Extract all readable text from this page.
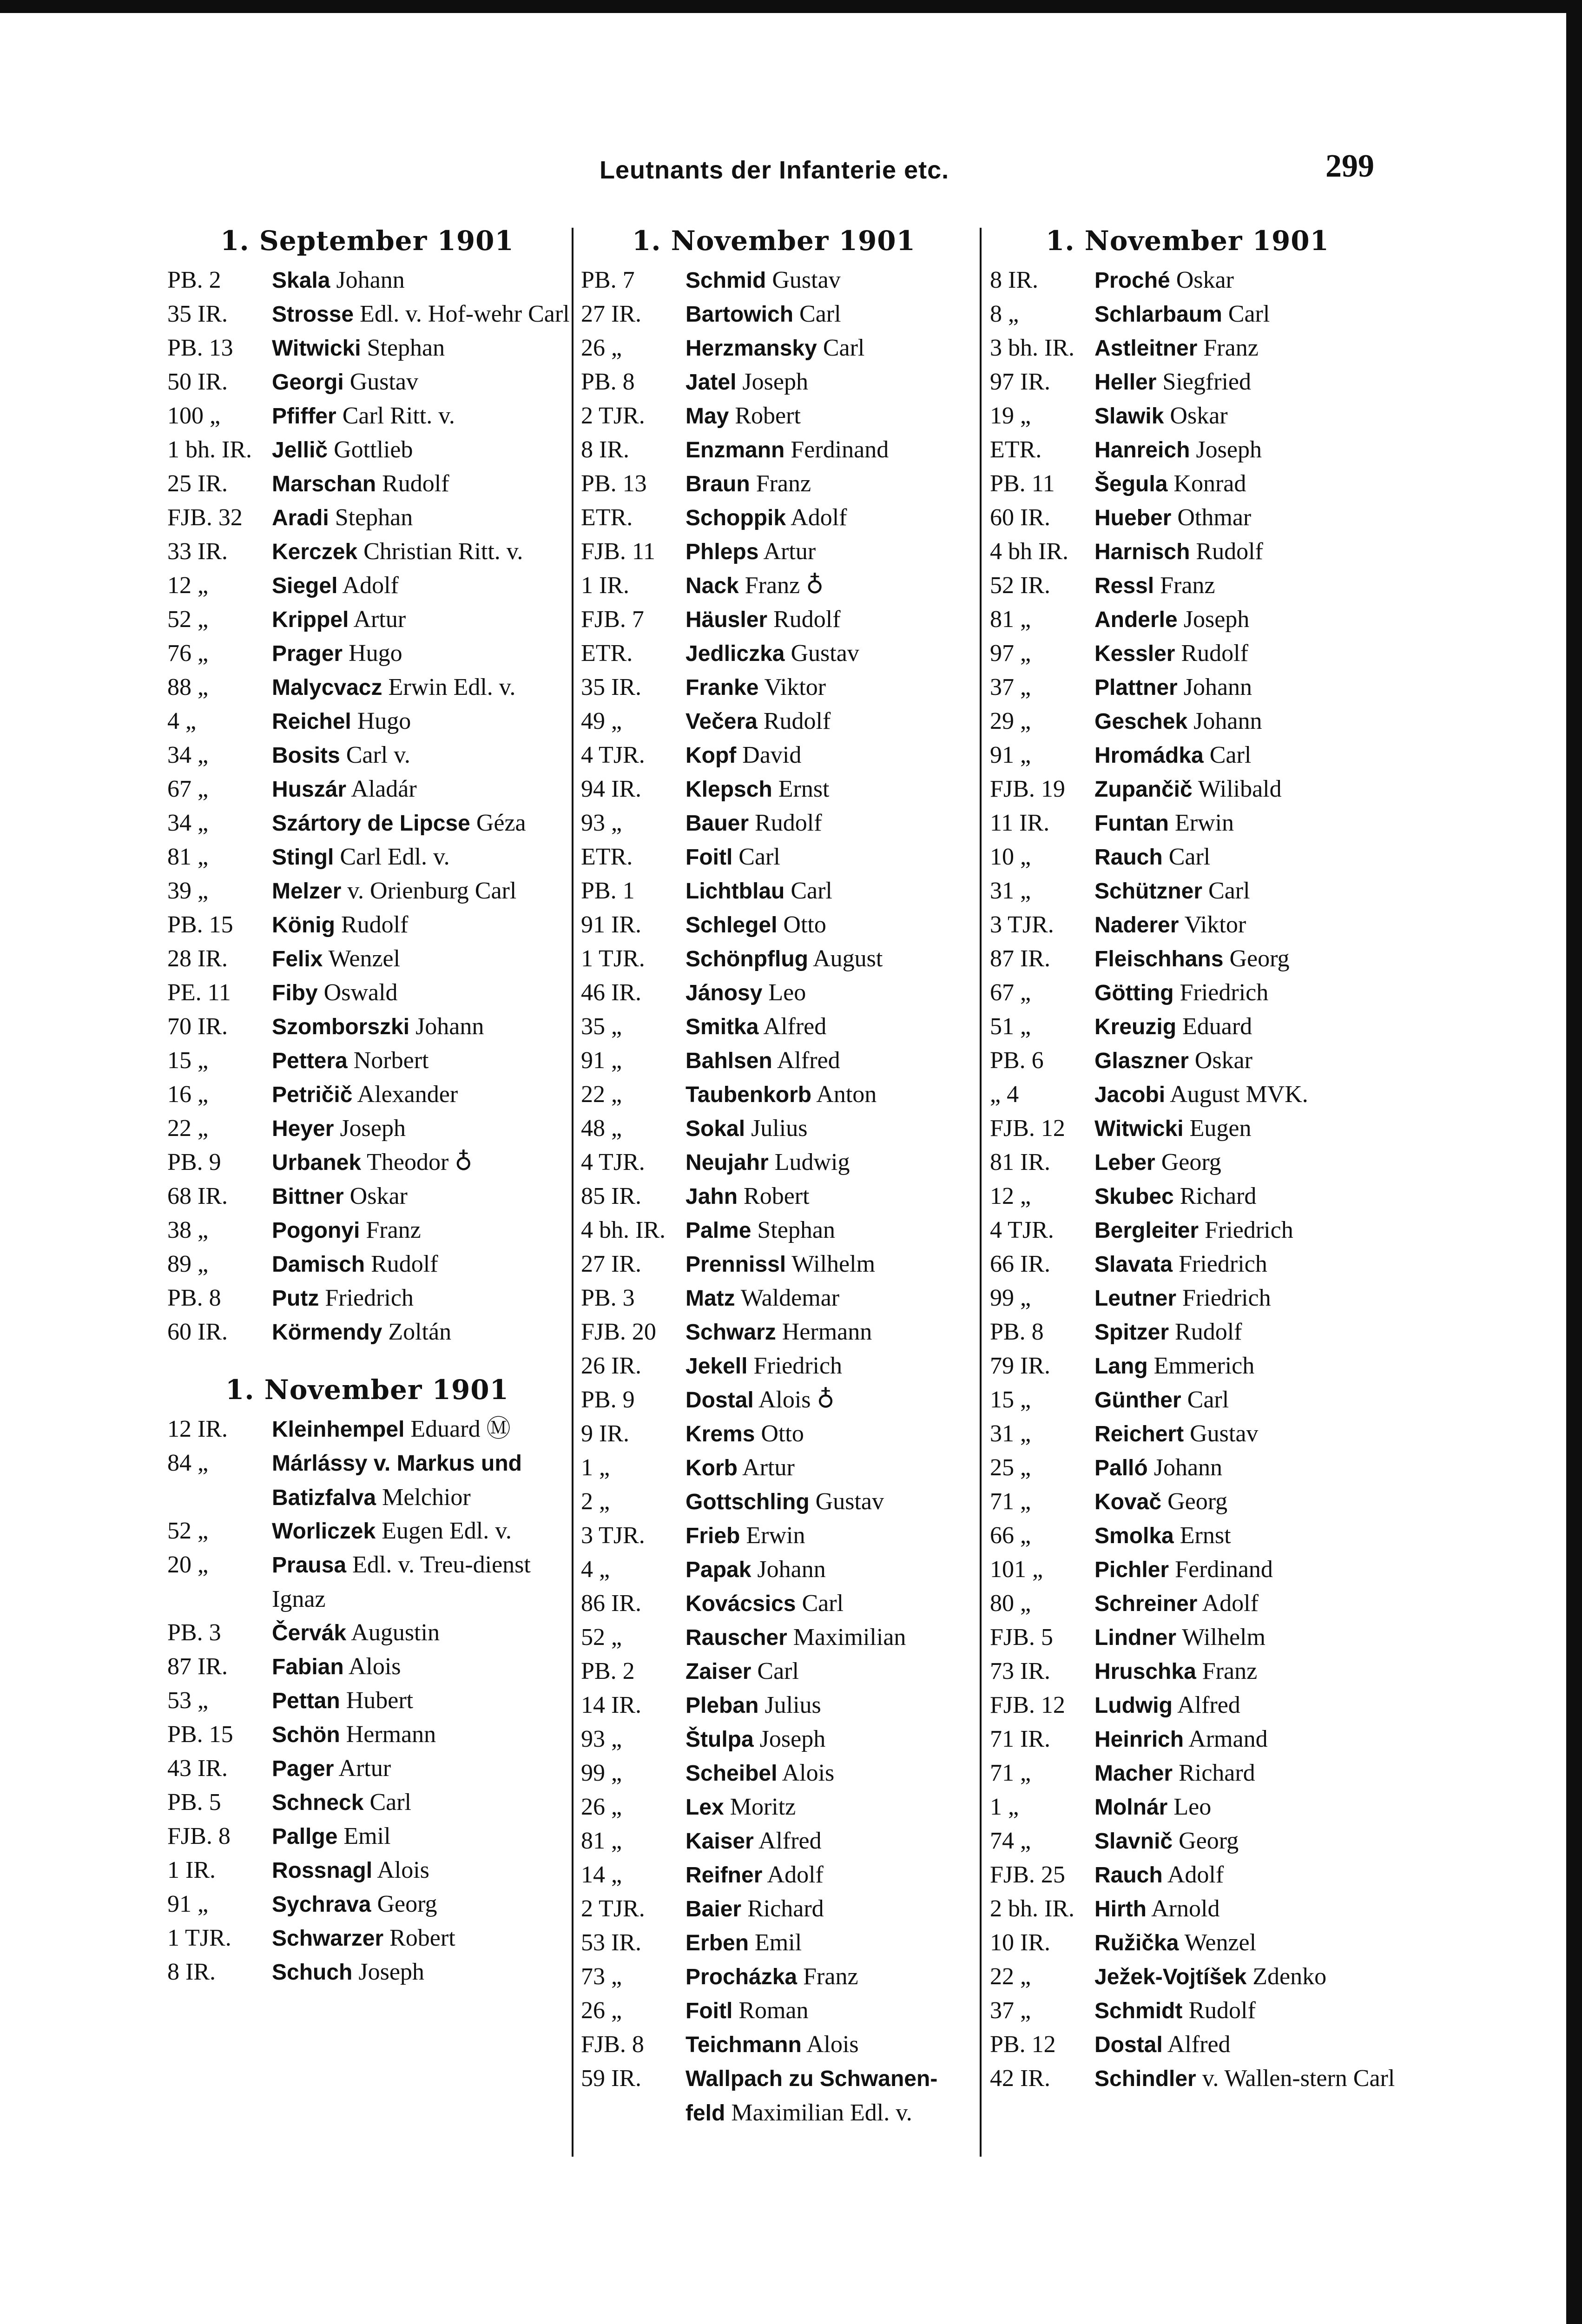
Leutnants der Infanterie etc.	299
1. September 1901
PB. 2	Skala Johann
35 IR.	Strosse Edl. v. Hof-wehr Carl
PB. 13	Witwicki Stephan
50 IR.	Georgi Gustav
100 „	Pfiffer Carl Ritt. v.
1 bh. IR. Jellič Gottlieb
25 IR.	Marschan Rudolf
FJB. 32	Aradi Stephan
33 IR.	Kerczek Christian Ritt. v.
12 „	Siegel Adolf
52 „	Krippel Artur
76 „	Prager Hugo
88 „	Malycvacz Erwin Edl. v.
4 „	Reichel Hugo
34 „	Bosits Carl v.
67 „	Huszár Aladár
34 „	Szártory de Lipcse Géza
81 „	Stingl Carl Edl. v.
39 „	Melzer v. Orienburg Carl
PB. 15	König Rudolf
28 IR.	Felix Wenzel
PE. 11	Fiby Oswald
70 IR.	Szomborszki Johann
15 „	Pettera Norbert
16 „	Petričič Alexander
22 „	Heyer Joseph
PB. 9	Urbanek Theodor ♁
68 IR.	Bittner Oskar
38 „	Pogonyi Franz
89 „	Damisch Rudolf
PB. 8	Putz Friedrich
60 IR.	Körmendy Zoltán
1. November 1901
12 IR.	Kleinhempel Eduard Ⓜ
84 „	Márlássy v. Markus und Batizfalva Melchior
52 „	Worliczek Eugen Edl. v.
20 „	Prausa Edl. v. Treu-dienst Ignaz
PB. 3	Červák Augustin
87 IR.	Fabian Alois
53 „	Pettan Hubert
PB. 15	Schön Hermann
43 IR.	Pager Artur
PB. 5	Schneck Carl
FJB. 8	Pallge Emil
1 IR.	Rossnagl Alois
91 „	Sychrava Georg
1 TJR.	Schwarzer Robert
8 IR.	Schuch Joseph
1. November 1901
PB. 7	Schmid Gustav
27 IR.	Bartowich Carl
26 „	Herzmansky Carl
PB. 8	Jatel Joseph
2 TJR.	May Robert
8 IR.	Enzmann Ferdinand
PB. 13	Braun Franz
ETR.	Schoppik Adolf
FJB. 11	Phleps Artur
1 IR.	Nack Franz ♁
FJB. 7	Häusler Rudolf
ETR.	Jedliczka Gustav
35 IR.	Franke Viktor
49 „	Večera Rudolf
4 TJR.	Kopf David
94 IR.	Klepsch Ernst
93 „	Bauer Rudolf
ETR.	Foitl Carl
PB. 1	Lichtblau Carl
91 IR.	Schlegel Otto
1 TJR.	Schönpflug August
46 IR.	Jánosy Leo
35 „	Smitka Alfred
91 „	Bahlsen Alfred
22 „	Taubenkorb Anton
48 „	Sokal Julius
4 TJR.	Neujahr Ludwig
85 IR.	Jahn Robert
4 bh. IR. Palme Stephan
27 IR.	Prennissl Wilhelm
PB. 3	Matz Waldemar
FJB. 20	Schwarz Hermann
26 IR.	Jekell Friedrich
PB. 9	Dostal Alois ♁
9 IR.	Krems Otto
1 „	Korb Artur
2 „	Gottschling Gustav
3 TJR.	Frieb Erwin
4 „	Papak Johann
86 IR.	Kovácsics Carl
52 „	Rauscher Maximilian
PB. 2	Zaiser Carl
14 IR.	Pleban Julius
93 „	Štulpa Joseph
99 „	Scheibel Alois
26 „	Lex Moritz
81 „	Kaiser Alfred
14 „	Reifner Adolf
2 TJR.	Baier Richard
53 IR.	Erben Emil
73 „	Procházka Franz
26 „	Foitl Roman
FJB. 8	Teichmann Alois
59 IR.	Wallpach zu Schwanen-feld Maximilian Edl. v.
1. November 1901
8 IR.	Proché Oskar
8 „	Schlarbaum Carl
3 bh. IR. Astleitner Franz
97 IR.	Heller Siegfried
19 „	Slawik Oskar
ETR.	Hanreich Joseph
PB. 11	Šegula Konrad
60 IR.	Hueber Othmar
4 bh IR.	Harnisch Rudolf
52 IR.	Ressl Franz
81 „	Anderle Joseph
97 „	Kessler Rudolf
37 „	Plattner Johann
29 „	Geschek Johann
91 „	Hromádka Carl
FJB. 19	Zupančič Wilibald
11 IR.	Funtan Erwin
10 „	Rauch Carl
31 „	Schützner Carl
3 TJR.	Naderer Viktor
87 IR.	Fleischhans Georg
67 „	Götting Friedrich
51 „	Kreuzig Eduard
PB. 6	Glaszner Oskar
„ 4	Jacobi August MVK.
FJB. 12	Witwicki Eugen
81 IR.	Leber Georg
12 „	Skubec Richard
4 TJR.	Bergleiter Friedrich
66 IR.	Slavata Friedrich
99 „	Leutner Friedrich
PB. 8	Spitzer Rudolf
79 IR.	Lang Emmerich
15 „	Günther Carl
31 „	Reichert Gustav
25 „	Palló Johann
71 „	Kovač Georg
66 „	Smolka Ernst
101 „	Pichler Ferdinand
80 „	Schreiner Adolf
FJB. 5	Lindner Wilhelm
73 IR.	Hruschka Franz
FJB. 12	Ludwig Alfred
71 IR.	Heinrich Armand
71 „	Macher Richard
1 „	Molnár Leo
74 „	Slavnič Georg
FJB. 25	Rauch Adolf
2 bh. IR. Hirth Arnold
10 IR.	Ružička Wenzel
22 „	Ježek-Vojtíšek Zdenko
37 „	Schmidt Rudolf
PB. 12	Dostal Alfred
42 IR.	Schindler v. Wallen-stern Carl
